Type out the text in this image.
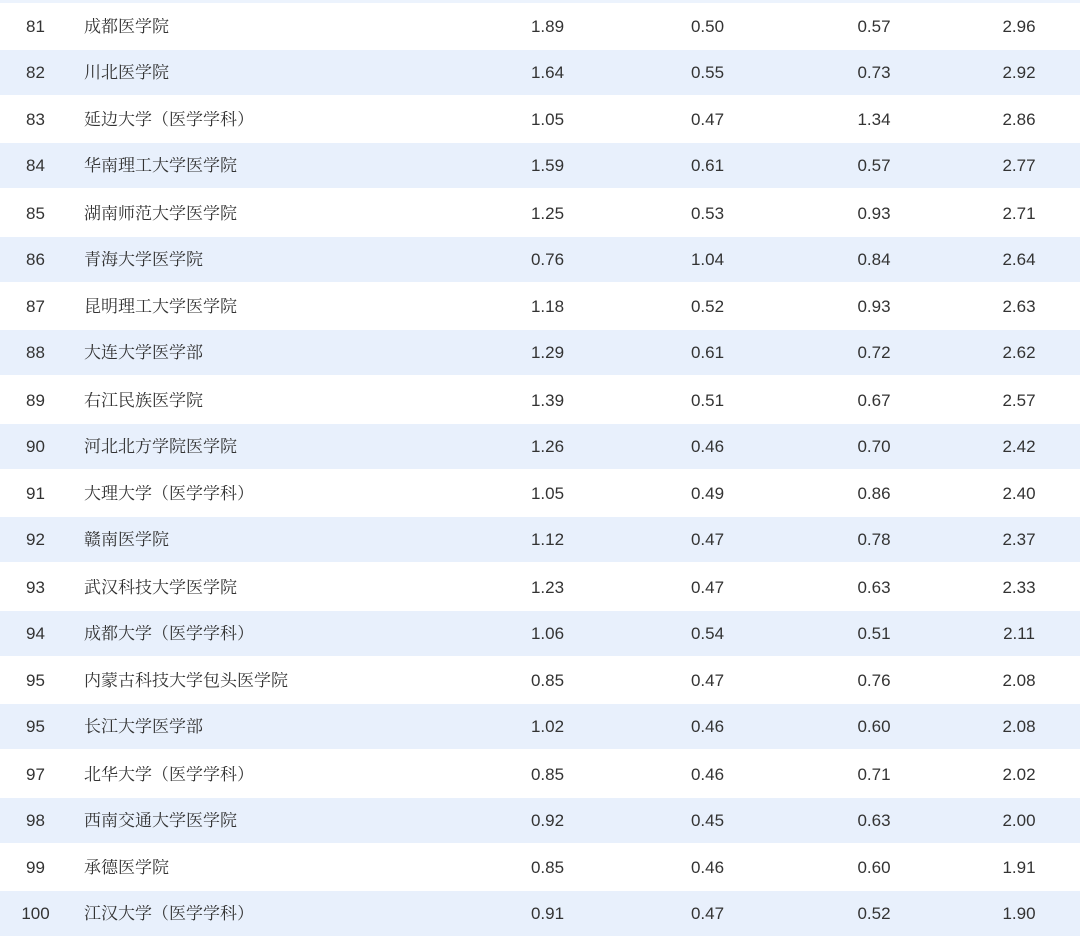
81	成都医学院	1.89	0.50	0.57	2.96
82	川北医学院	1.64	0.55	0.73	2.92
83	延边大学（医学学科）	1.05	0.47	1.34	2.86
84	华南理工大学医学院	1.59	0.61	0.57	2.77
85	湖南师范大学医学院	1.25	0.53	0.93	2.71
86	青海大学医学院	0.76	1.04	0.84	2.64
87	昆明理工大学医学院	1.18	0.52	0.93	2.63
88	大连大学医学部	1.29	0.61	0.72	2.62
89	右江民族医学院	1.39	0.51	0.67	2.57
90	河北北方学院医学院	1.26	0.46	0.70	2.42
91	大理大学（医学学科）	1.05	0.49	0.86	2.40
92	赣南医学院	1.12	0.47	0.78	2.37
93	武汉科技大学医学院	1.23	0.47	0.63	2.33
94	成都大学（医学学科）	1.06	0.54	0.51	2.11
95	内蒙古科技大学包头医学院	0.85	0.47	0.76	2.08
95	长江大学医学部	1.02	0.46	0.60	2.08
97	北华大学（医学学科）	0.85	0.46	0.71	2.02
98	西南交通大学医学院	0.92	0.45	0.63	2.00
99	承德医学院	0.85	0.46	0.60	1.91
100	江汉大学（医学学科）	0.91	0.47	0.52	1.90
